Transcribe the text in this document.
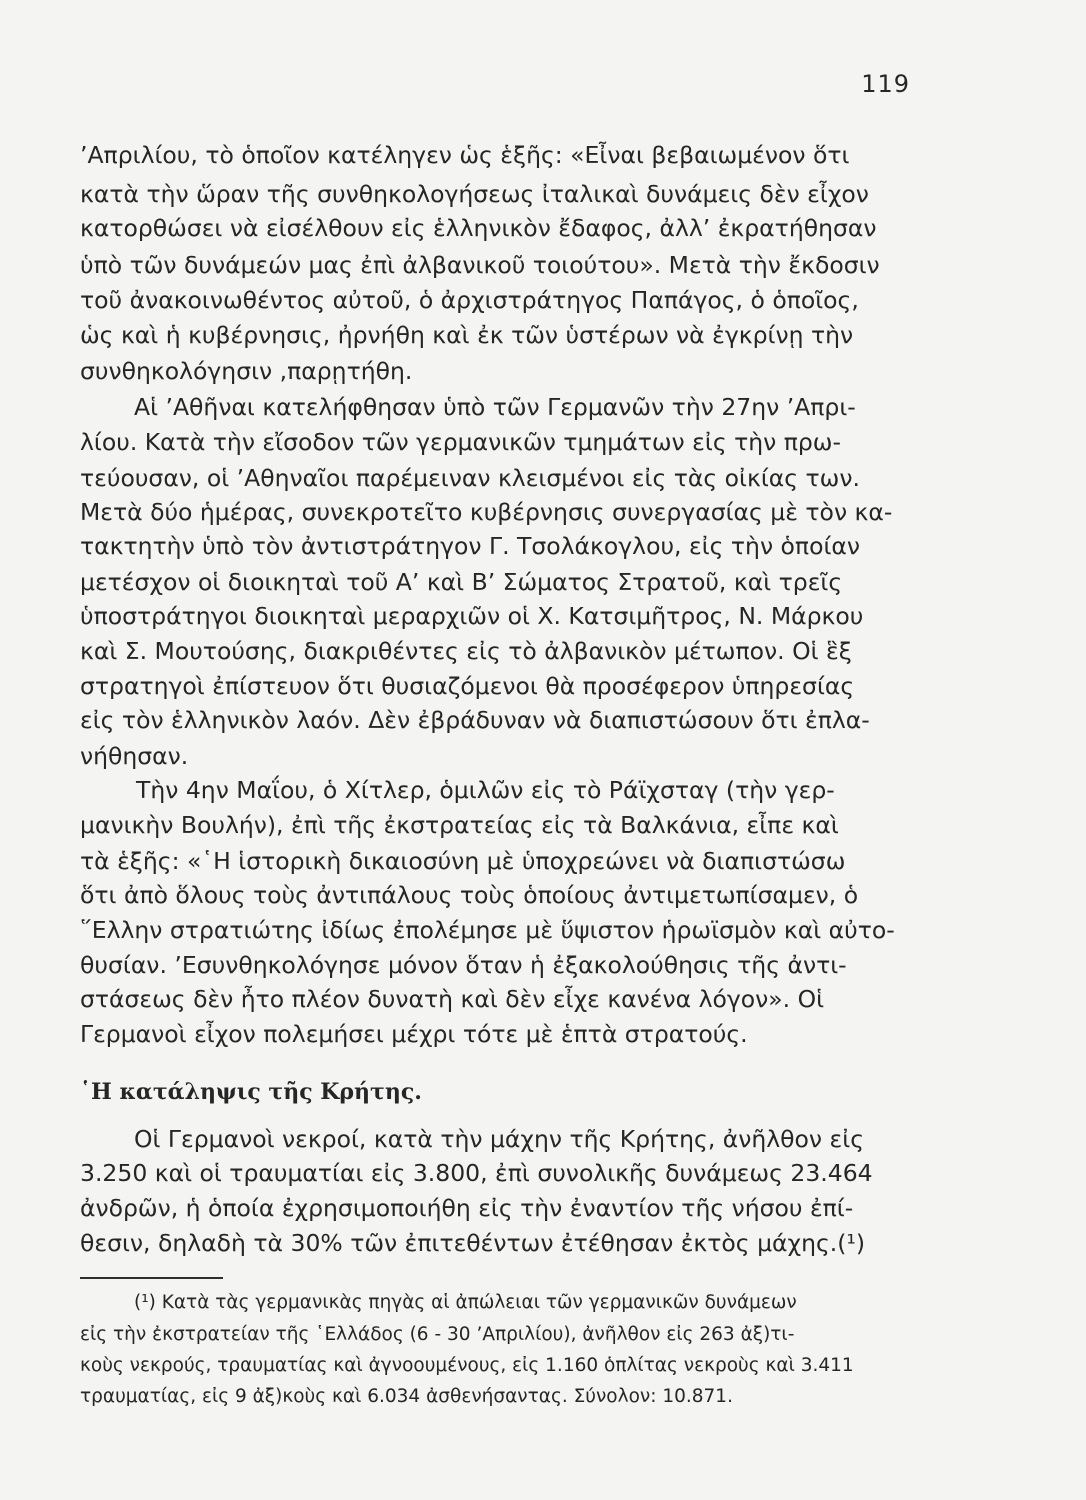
119
’Απριλίου, τὸ ὁποῖον κατέληγεν ὡς ἑξῆς: «Εἶναι βεβαιωμένον ὅτι
κατὰ τὴν ὥραν τῆς συνθηκολογήσεως ἰταλικαὶ δυνάμεις δὲν εἶχον
κατορθώσει νὰ εἰσέλθουν εἰς ἑλληνικὸν ἔδαφος, ἀλλ’ ἐκρατήθησαν
ὑπὸ τῶν δυνάμεών μας ἐπὶ ἀλβανικοῦ τοιούτου». Μετὰ τὴν ἔκδοσιν
τοῦ ἀνακοινωθέντος αὐτοῦ, ὁ ἀρχιστράτηγος Παπάγος, ὁ ὁποῖος,
ὡς καὶ ἡ κυβέρνησις, ἠρνήθη καὶ ἐκ τῶν ὑστέρων νὰ ἐγκρίνῃ τὴν
συνθηκολόγησιν ,παρῃτήθη.
Αἱ ’Αθῆναι κατελήφθησαν ὑπὸ τῶν Γερμανῶν τὴν 27ην ’Απρι-
λίου. Κατὰ τὴν εἴσοδον τῶν γερμανικῶν τμημάτων εἰς τὴν πρω-
τεύουσαν, οἱ ’Αθηναῖοι παρέμειναν κλεισμένοι εἰς τὰς οἰκίας των.
Μετὰ δύο ἡμέρας, συνεκροτεῖτο κυβέρνησις συνεργασίας μὲ τὸν κα-
τακτητὴν ὑπὸ τὸν ἀντιστράτηγον Γ. Τσολάκογλου, εἰς τὴν ὁποίαν
μετέσχον οἱ διοικηταὶ τοῦ Α’ καὶ Β’ Σώματος Στρατοῦ, καὶ τρεῖς
ὑποστράτηγοι διοικηταὶ μεραρχιῶν οἱ Χ. Κατσιμῆτρος, Ν. Μάρκου
καὶ Σ. Μουτούσης, διακριθέντες εἰς τὸ ἀλβανικὸν μέτωπον. Οἱ ἓξ
στρατηγοὶ ἐπίστευον ὅτι θυσιαζόμενοι θὰ προσέφερον ὑπηρεσίας
εἰς τὸν ἑλληνικὸν λαόν. Δὲν ἐβράδυναν νὰ διαπιστώσουν ὅτι ἐπλα-
νήθησαν.
Τὴν 4ην Μαΐου, ὁ Χίτλερ, ὁμιλῶν εἰς τὸ Ράϊχσταγ (τὴν γερ-
μανικὴν Βουλήν), ἐπὶ τῆς ἐκστρατείας εἰς τὰ Βαλκάνια, εἶπε καὶ
τὰ ἑξῆς: «῾Η ἱστορικὴ δικαιοσύνη μὲ ὑποχρεώνει νὰ διαπιστώσω
ὅτι ἀπὸ ὅλους τοὺς ἀντιπάλους τοὺς ὁποίους ἀντιμετωπίσαμεν, ὁ
῞Ελλην στρατιώτης ἰδίως ἐπολέμησε μὲ ὕψιστον ἡρωϊσμὸν καὶ αὐτο-
θυσίαν. ’Εσυνθηκολόγησε μόνον ὅταν ἡ ἐξακολούθησις τῆς ἀντι-
στάσεως δὲν ἦτο πλέον δυνατὴ καὶ δὲν εἶχε κανένα λόγον». Οἱ
Γερμανοὶ εἶχον πολεμήσει μέχρι τότε μὲ ἑπτὰ στρατούς.
῾Η κατάληψις τῆς Κρήτης.
Οἱ Γερμανοὶ νεκροί, κατὰ τὴν μάχην τῆς Κρήτης, ἀνῆλθον εἰς
3.250 καὶ οἱ τραυματίαι εἰς 3.800, ἐπὶ συνολικῆς δυνάμεως 23.464
ἀνδρῶν, ἡ ὁποία ἐχρησιμοποιήθη εἰς τὴν ἐναντίον τῆς νήσου ἐπί-
θεσιν, δηλαδὴ τὰ 30% τῶν ἐπιτεθέντων ἐτέθησαν ἐκτὸς μάχης.(¹)
(¹) Κατὰ τὰς γερμανικὰς πηγὰς αἱ ἀπώλειαι τῶν γερμανικῶν δυνάμεων
εἰς τὴν ἐκστρατείαν τῆς ῾Ελλάδος (6 - 30 ’Απριλίου), ἀνῆλθον εἰς 263 ἀξ)τι-
κοὺς νεκρούς, τραυματίας καὶ ἀγνοουμένους, εἰς 1.160 ὁπλίτας νεκροὺς καὶ 3.411
τραυματίας, εἰς 9 ἀξ)κοὺς καὶ 6.034 ἀσθενήσαντας. Σύνολον: 10.871.
